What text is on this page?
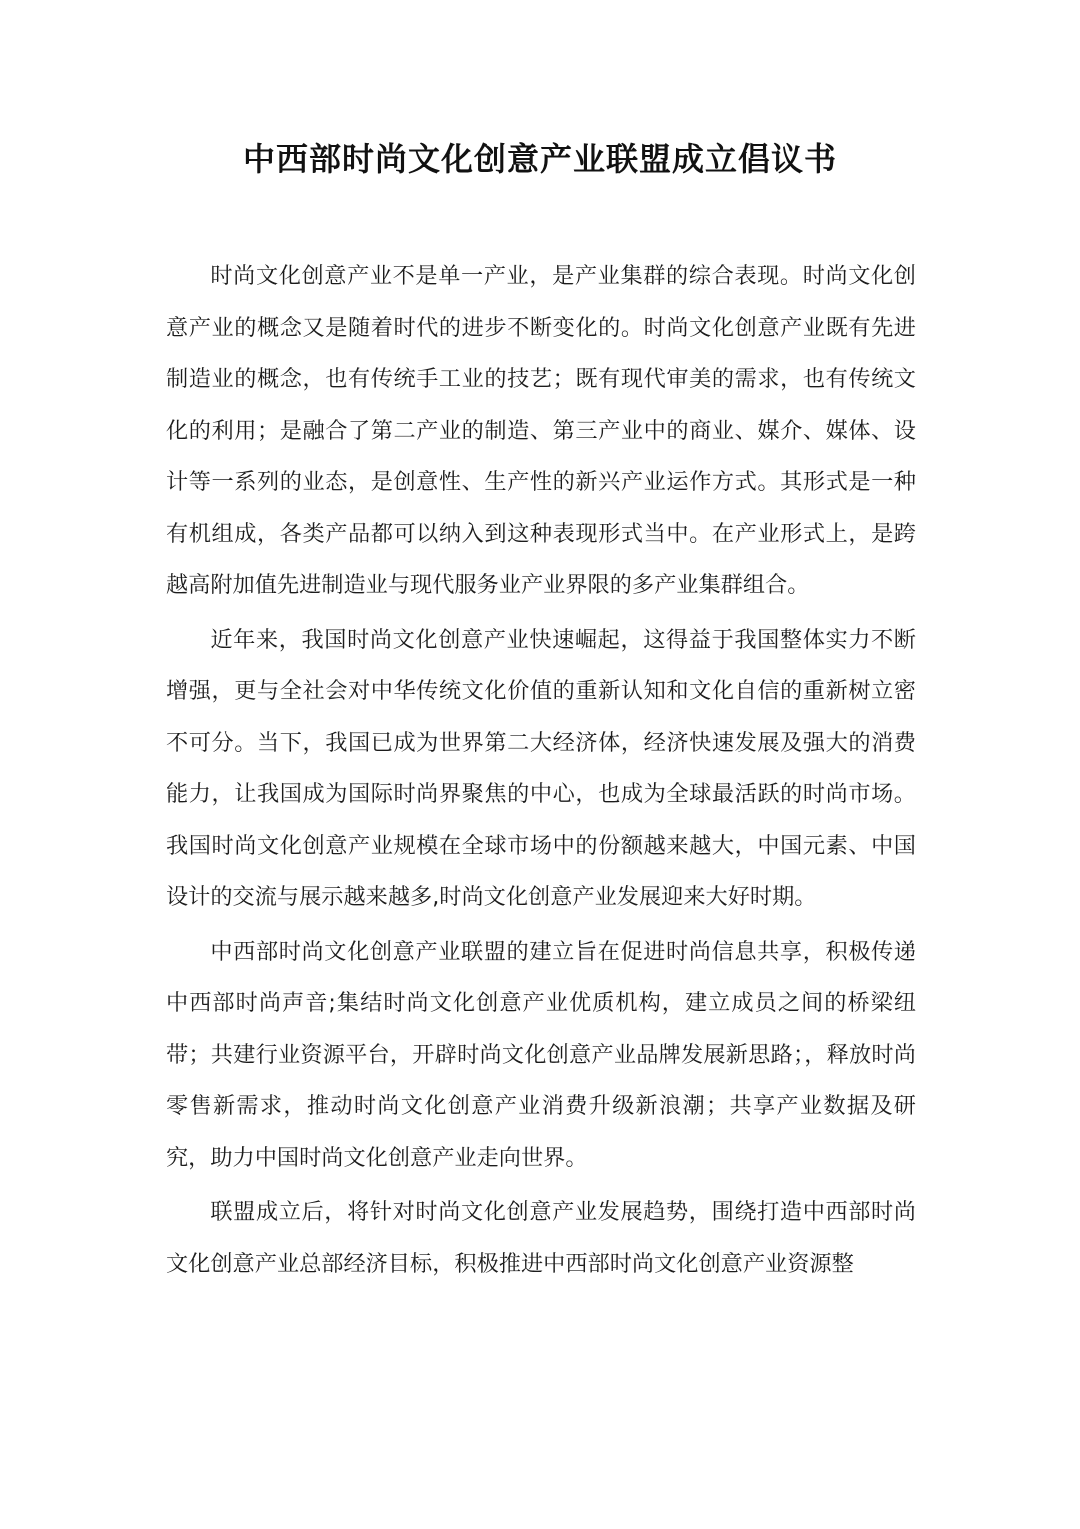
中西部时尚文化创意产业联盟成立倡议书

时尚文化创意产业不是单一产业，是产业集群的综合表现。时尚文化创意产业的概念又是随着时代的进步不断变化的。时尚文化创意产业既有先进制造业的概念，也有传统手工业的技艺；既有现代审美的需求，也有传统文化的利用；是融合了第二产业的制造、第三产业中的商业、媒介、媒体、设计等一系列的业态，是创意性、生产性的新兴产业运作方式。其形式是一种有机组成，各类产品都可以纳入到这种表现形式当中。在产业形式上，是跨越高附加值先进制造业与现代服务业产业界限的多产业集群组合。

近年来，我国时尚文化创意产业快速崛起，这得益于我国整体实力不断增强，更与全社会对中华传统文化价值的重新认知和文化自信的重新树立密不可分。当下，我国已成为世界第二大经济体，经济快速发展及强大的消费能力，让我国成为国际时尚界聚焦的中心，也成为全球最活跃的时尚市场。我国时尚文化创意产业规模在全球市场中的份额越来越大，中国元素、中国设计的交流与展示越来越多,时尚文化创意产业发展迎来大好时期。

中西部时尚文化创意产业联盟的建立旨在促进时尚信息共享，积极传递中西部时尚声音;集结时尚文化创意产业优质机构，建立成员之间的桥梁纽带；共建行业资源平台，开辟时尚文化创意产业品牌发展新思路；，释放时尚零售新需求，推动时尚文化创意产业消费升级新浪潮；共享产业数据及研究，助力中国时尚文化创意产业走向世界。

联盟成立后，将针对时尚文化创意产业发展趋势，围绕打造中西部时尚文化创意产业总部经济目标，积极推进中西部时尚文化创意产业资源整
